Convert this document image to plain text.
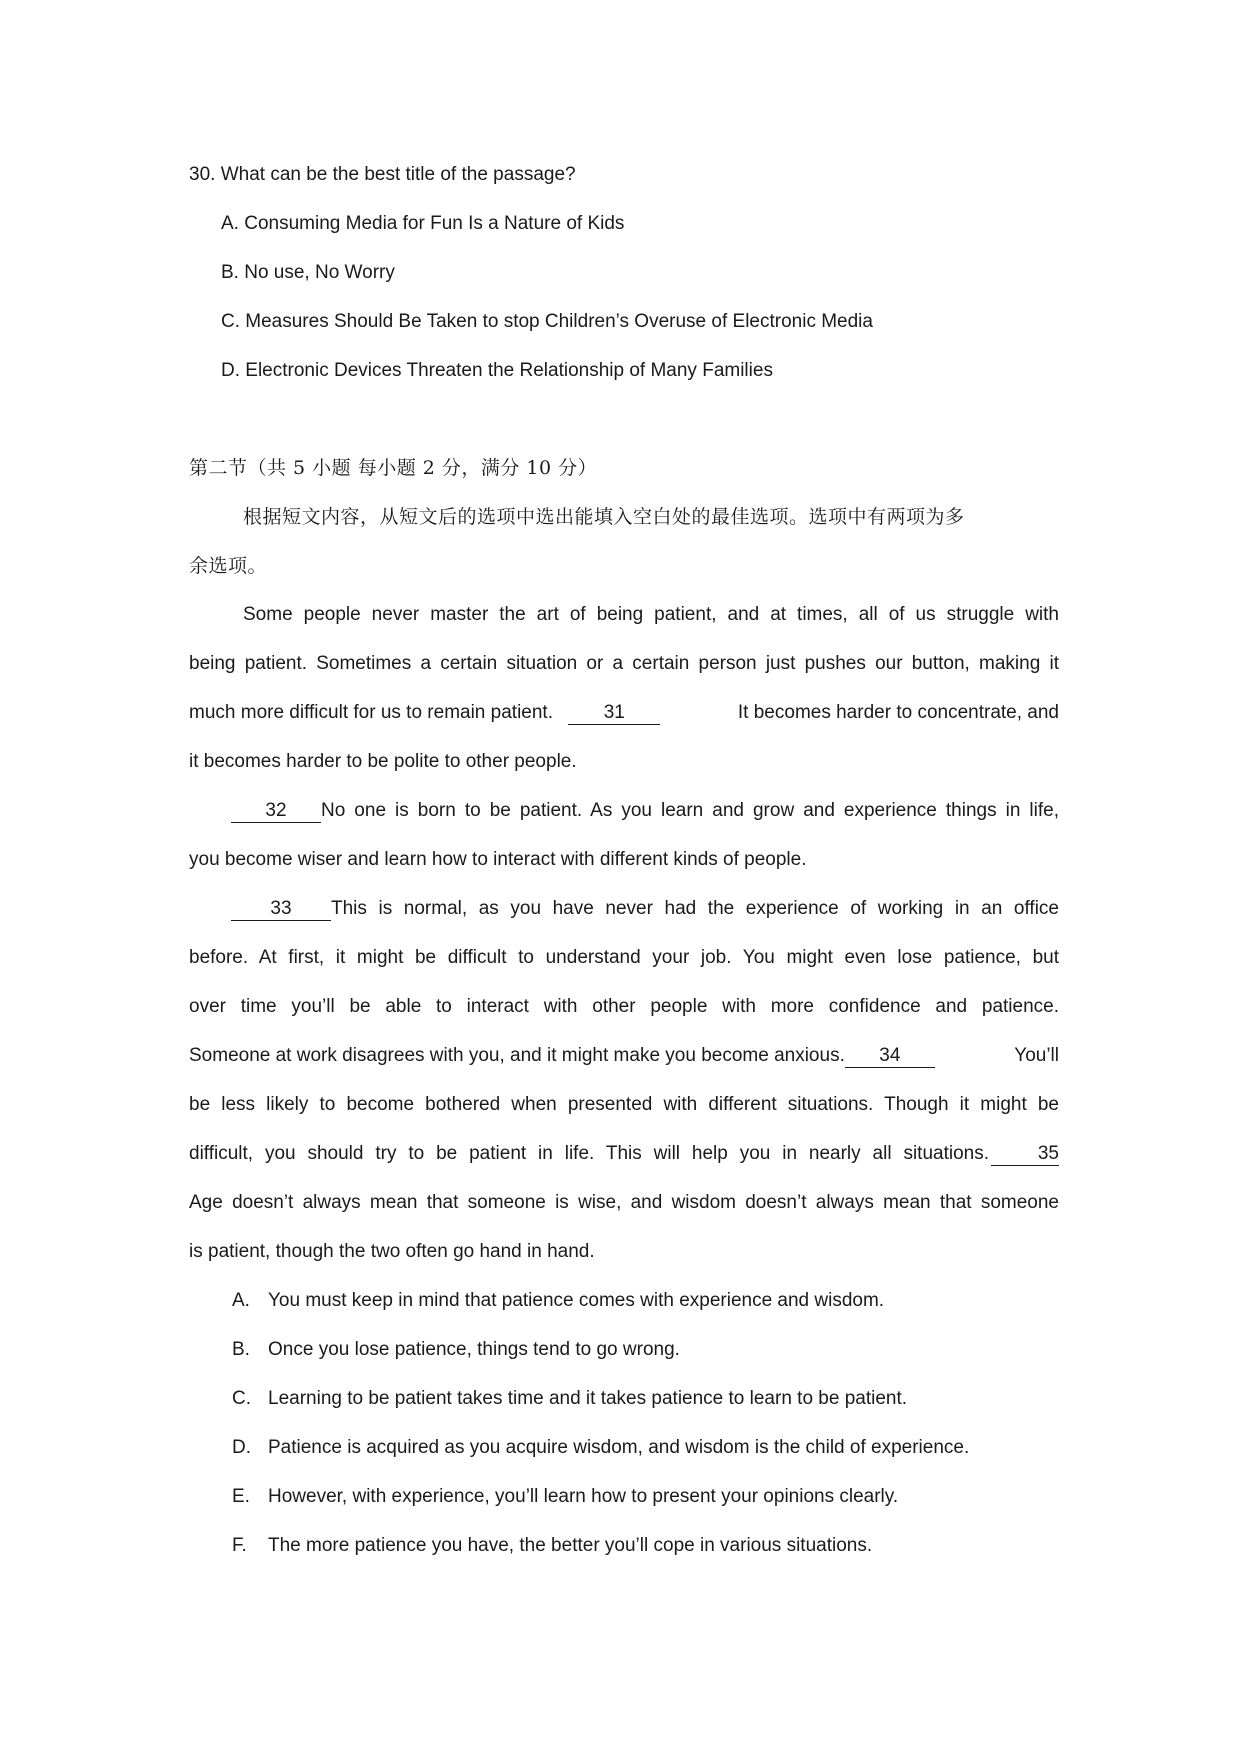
30. What can be the best title of the passage?
A. Consuming Media for Fun Is a Nature of Kids
B. No use, No Worry
C. Measures Should Be Taken to stop Children’s Overuse of Electronic Media
D. Electronic Devices Threaten the Relationship of Many Families
第二节（共 5 小题 每小题 2 分，满分 10 分）
根据短文内容，从短文后的选项中选出能填入空白处的最佳选项。选项中有两项为多
余选项。
Some people never master the art of being patient, and at times, all of us struggle with
being patient. Sometimes a certain situation or a certain person just pushes our button, making it
much more difficult for us to remain patient.	31	It becomes harder to concentrate, and
it becomes harder to be polite to other people.
32	No one is born to be patient. As you learn and grow and experience things in life,
you become wiser and learn how to interact with different kinds of people.
33	This is normal, as you have never had the experience of working in an office
before. At first, it might be difficult to understand your job. You might even lose patience, but
over time you’ll be able to interact with other people with more confidence and patience.
Someone at work disagrees with you, and it might make you become anxious. 34	You’ll
be less likely to become bothered when presented with different situations. Though it might be
difficult, you should try to be patient in life. This will help you in nearly all situations.	35
Age doesn’t always mean that someone is wise, and wisdom doesn’t always mean that someone
is patient, though the two often go hand in hand.
A. You must keep in mind that patience comes with experience and wisdom.
B. Once you lose patience, things tend to go wrong.
C. Learning to be patient takes time and it takes patience to learn to be patient.
D. Patience is acquired as you acquire wisdom, and wisdom is the child of experience.
E. However, with experience, you’ll learn how to present your opinions clearly.
F. The more patience you have, the better you’ll cope in various situations.
